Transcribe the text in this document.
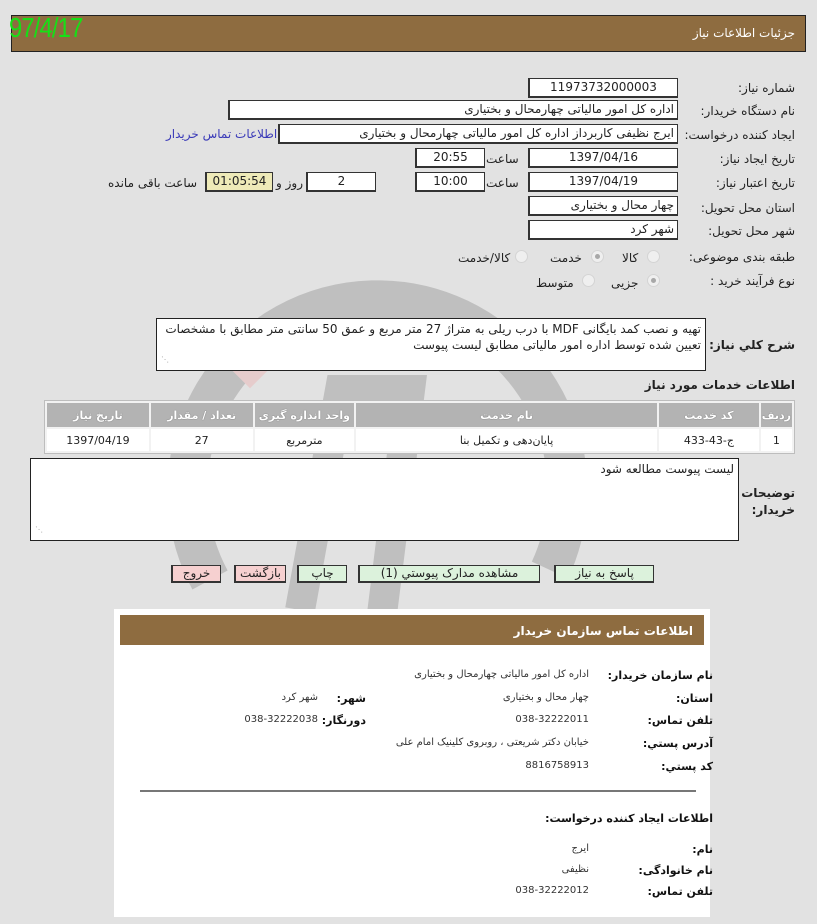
جزئیات اطلاعات نیاز
97/4/17
شماره نیاز:
11973732000003
نام دستگاه خریدار:
اداره کل امور مالیاتی چهارمحال و بختیاری
ایجاد کننده درخواست:
ایرج نظیفی کاربرداز اداره کل امور مالیاتی چهارمحال و بختیاری
اطلاعات تماس خریدار
تاریخ ایجاد نیاز:
1397/04/16
ساعت
20:55
تاریخ اعتبار نیاز:
1397/04/19
ساعت
10:00
2
روز و
01:05:54
ساعت باقی مانده
استان محل تحویل:
چهار محال و بختیاری
شهر محل تحویل:
شهر کرد
طبقه بندی موضوعی:
کالا
خدمت
کالا/خدمت
نوع فرآیند خرید :
جزیی
متوسط
شرح کلي نياز:
تهیه و نصب کمد بایگانی MDF با درب ریلی به متراژ 27 متر مربع و عمق 50 سانتی متر مطابق با مشخصات تعیین شده توسط اداره امور مالیاتی مطابق لیست پیوست
⋰
اطلاعات خدمات مورد نیاز
ردیف	کد خدمت	نام خدمت	واحد اندازه گیری	تعداد / مقدار	تاریخ نیاز
1	ج-43-433	پایان‌دهی و تکمیل بنا	مترمربع	27	1397/04/19
توضیحات
خریدار:
لیست پیوست مطالعه شود
⋰
پاسخ به نیاز
مشاهده مدارک پیوستي (1)
چاپ
بازگشت
خروج
اطلاعات تماس سازمان خریدار
نام سازمان خریدار:
اداره کل امور مالیاتی چهارمحال و بختیاری
استان:
چهار محال و بختیاری
شهر:
شهر کرد
تلفن تماس:
038-32222011
دورنگار:
038-32222038
آدرس پستي:
خیابان دکتر شریعتی ، روبروی کلینیک امام علی
کد پستي:
8816758913
اطلاعات ایجاد کننده درخواست:
نام:
ایرج
نام خانوادگی:
نظیفی
تلفن تماس:
038-32222012
